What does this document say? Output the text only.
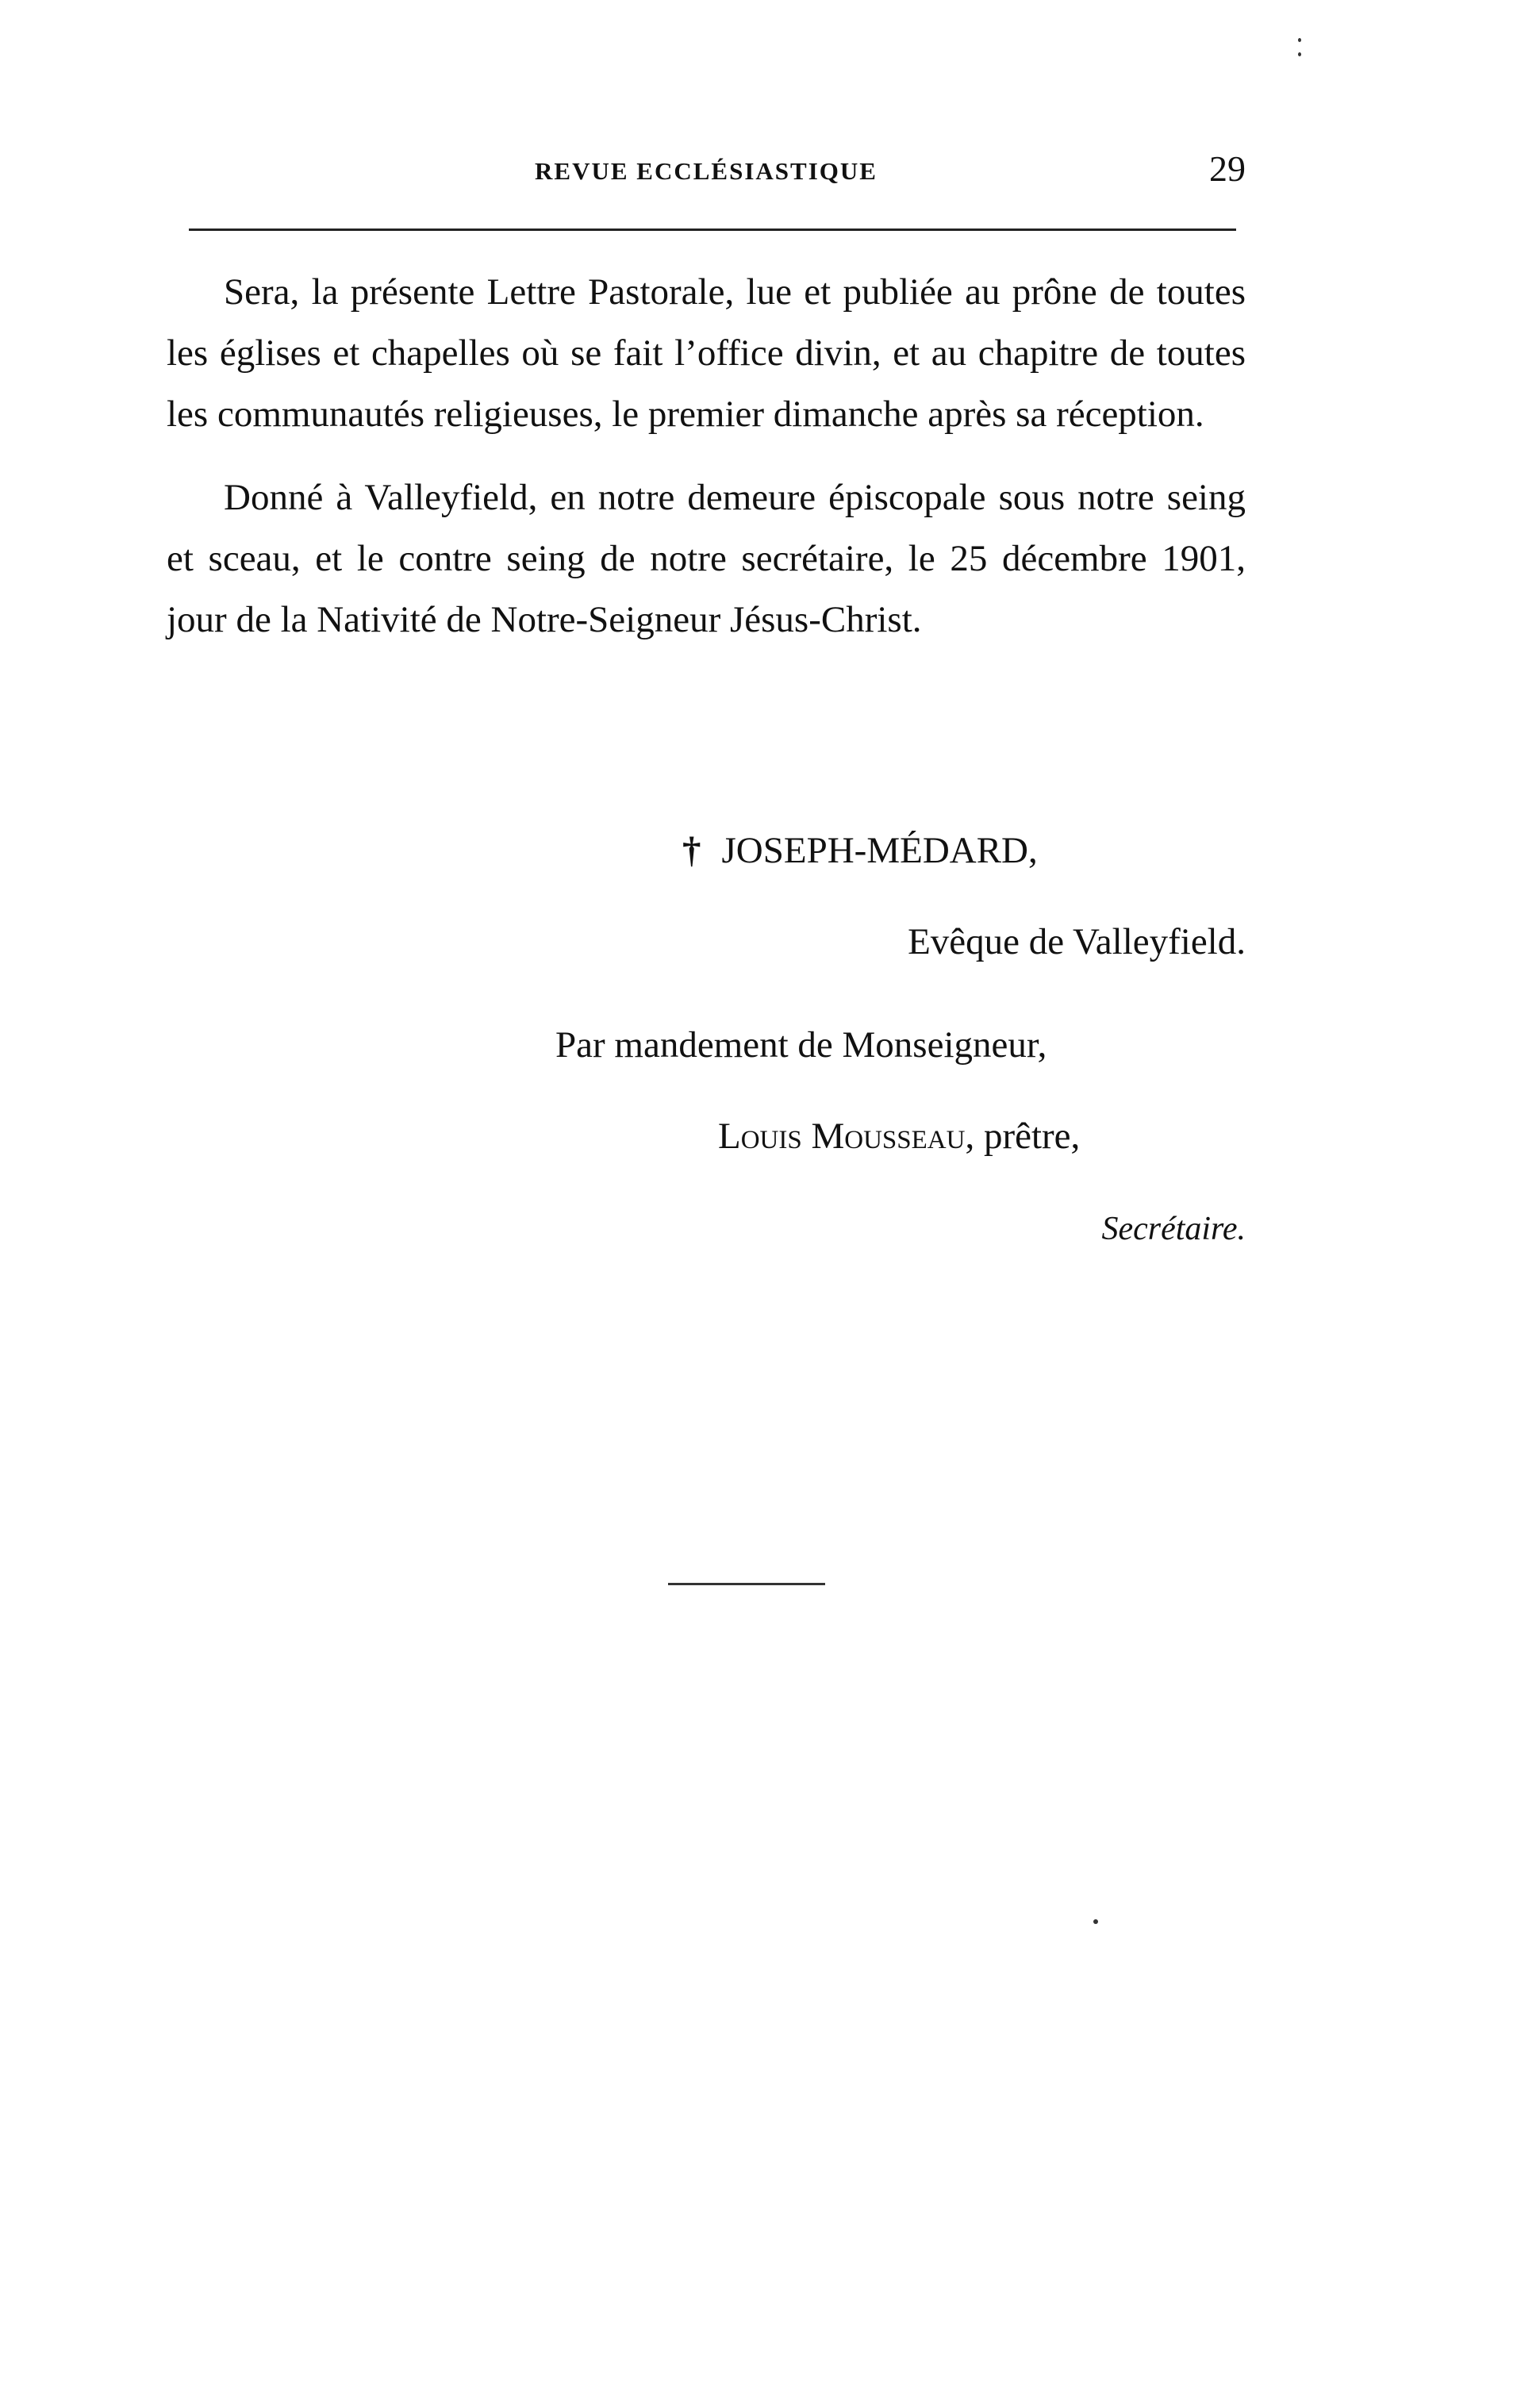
REVUE ECCLÉSIASTIQUE	29

Sera, la présente Lettre Pastorale, lue et publiée au prône de toutes les églises et chapelles où se fait l’office divin, et au chapitre de toutes les communautés religieuses, le premier dimanche après sa réception.

Donné à Valleyfield, en notre demeure épiscopale sous notre seing et sceau, et le contre seing de notre secrétaire, le 25 décembre 1901, jour de la Nativité de Notre-Seigneur Jésus-Christ.

† JOSEPH-MÉDARD,
Evêque de Valleyfield.
Par mandement de Monseigneur,
Louis Mousseau, prêtre,
Secrétaire.
